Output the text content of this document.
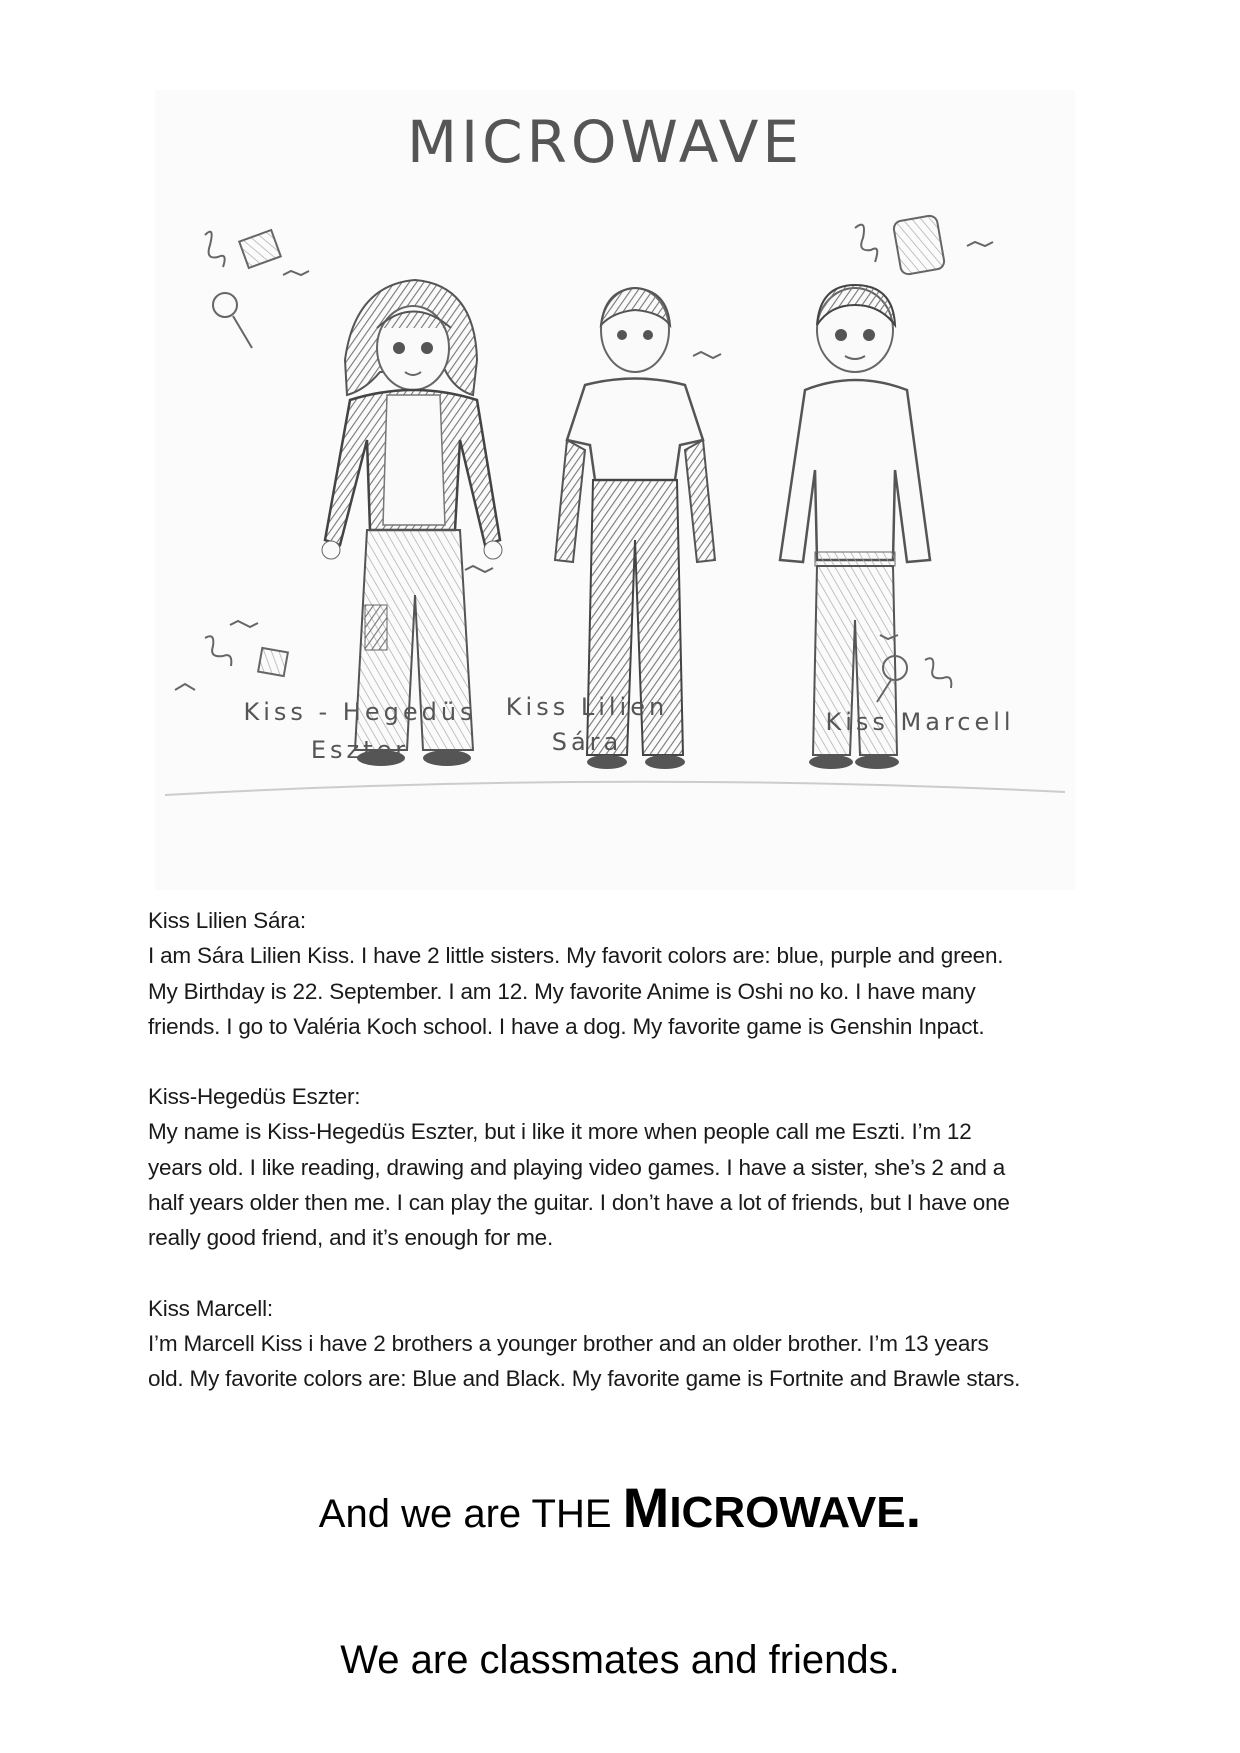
MICROWAVE
Kiss - Hegedüs
Eszter
Kiss Lilien
Sára
Kiss Marcell

Kiss Lilien Sára:

I am Sára Lilien Kiss. I have 2 little sisters. My favorit colors are: blue, purple and green.

My Birthday is 22. September. I am 12. My favorite Anime is Oshi no ko. I have many

friends. I go to Valéria Koch school. I have a dog. My favorite game is Genshin Inpact.

Kiss-Hegedüs Eszter:

My name is Kiss-Hegedüs Eszter, but i like it more when people call me Eszti. I’m 12

years old. I like reading, drawing and playing video games. I have a sister, she’s 2 and a

half years older then me. I can play the guitar. I don’t have a lot of friends, but I have one

really good friend, and it’s enough for me.

Kiss Marcell:

I’m Marcell Kiss i have 2 brothers a younger brother and an older brother. I’m 13 years

old. My favorite colors are: Blue and Black. My favorite game is Fortnite and Brawle stars.

And we are THE MICROWAVE.
We are classmates and friends.
